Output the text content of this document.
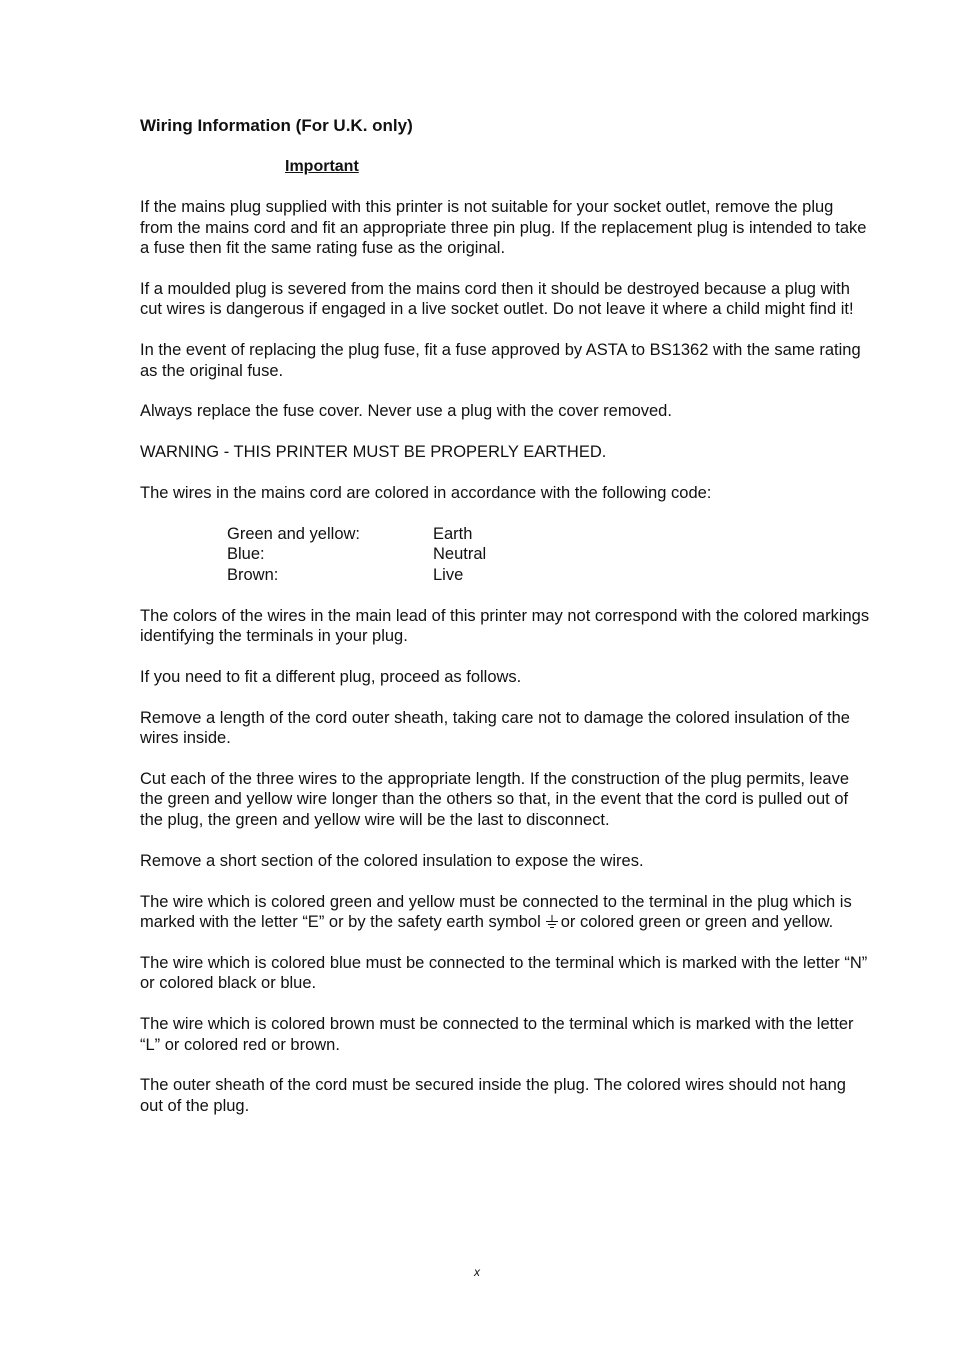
Wiring Information (For U.K. only)
Important

If the mains plug supplied with this printer is not suitable for your socket outlet, remove the plug from the mains cord and fit an appropriate three pin plug. If the replacement plug is intended to take a fuse then fit the same rating fuse as the original.

If a moulded plug is severed from the mains cord then it should be destroyed because a plug with cut wires is dangerous if engaged in a live socket outlet. Do not leave it where a child might find it!

In the event of replacing the plug fuse, fit a fuse approved by ASTA to BS1362 with the same rating as the original fuse.

Always replace the fuse cover. Never use a plug with the cover removed.

WARNING - THIS PRINTER MUST BE PROPERLY EARTHED.

The wires in the mains cord are colored in accordance with the following code:

Green and yellow:	Earth
Blue:	Neutral
Brown:	Live

The colors of the wires in the main lead of this printer may not correspond with the colored markings identifying the terminals in your plug.

If you need to fit a different plug, proceed as follows.

Remove a length of the cord outer sheath, taking care not to damage the colored insulation of the wires inside.

Cut each of the three wires to the appropriate length. If the construction of the plug permits, leave the green and yellow wire longer than the others so that, in the event that the cord is pulled out of the plug, the green and yellow wire will be the last to disconnect.

Remove a short section of the colored insulation to expose the wires.

The wire which is colored green and yellow must be connected to the terminal in the plug which is marked with the letter “E” or by the safety earth symbol or colored green or green and yellow.

The wire which is colored blue must be connected to the terminal which is marked with the letter “N” or colored black or blue.

The wire which is colored brown must be connected to the terminal which is marked with the letter “L” or colored red or brown.

The outer sheath of the cord must be secured inside the plug. The colored wires should not hang out of the plug.

x
